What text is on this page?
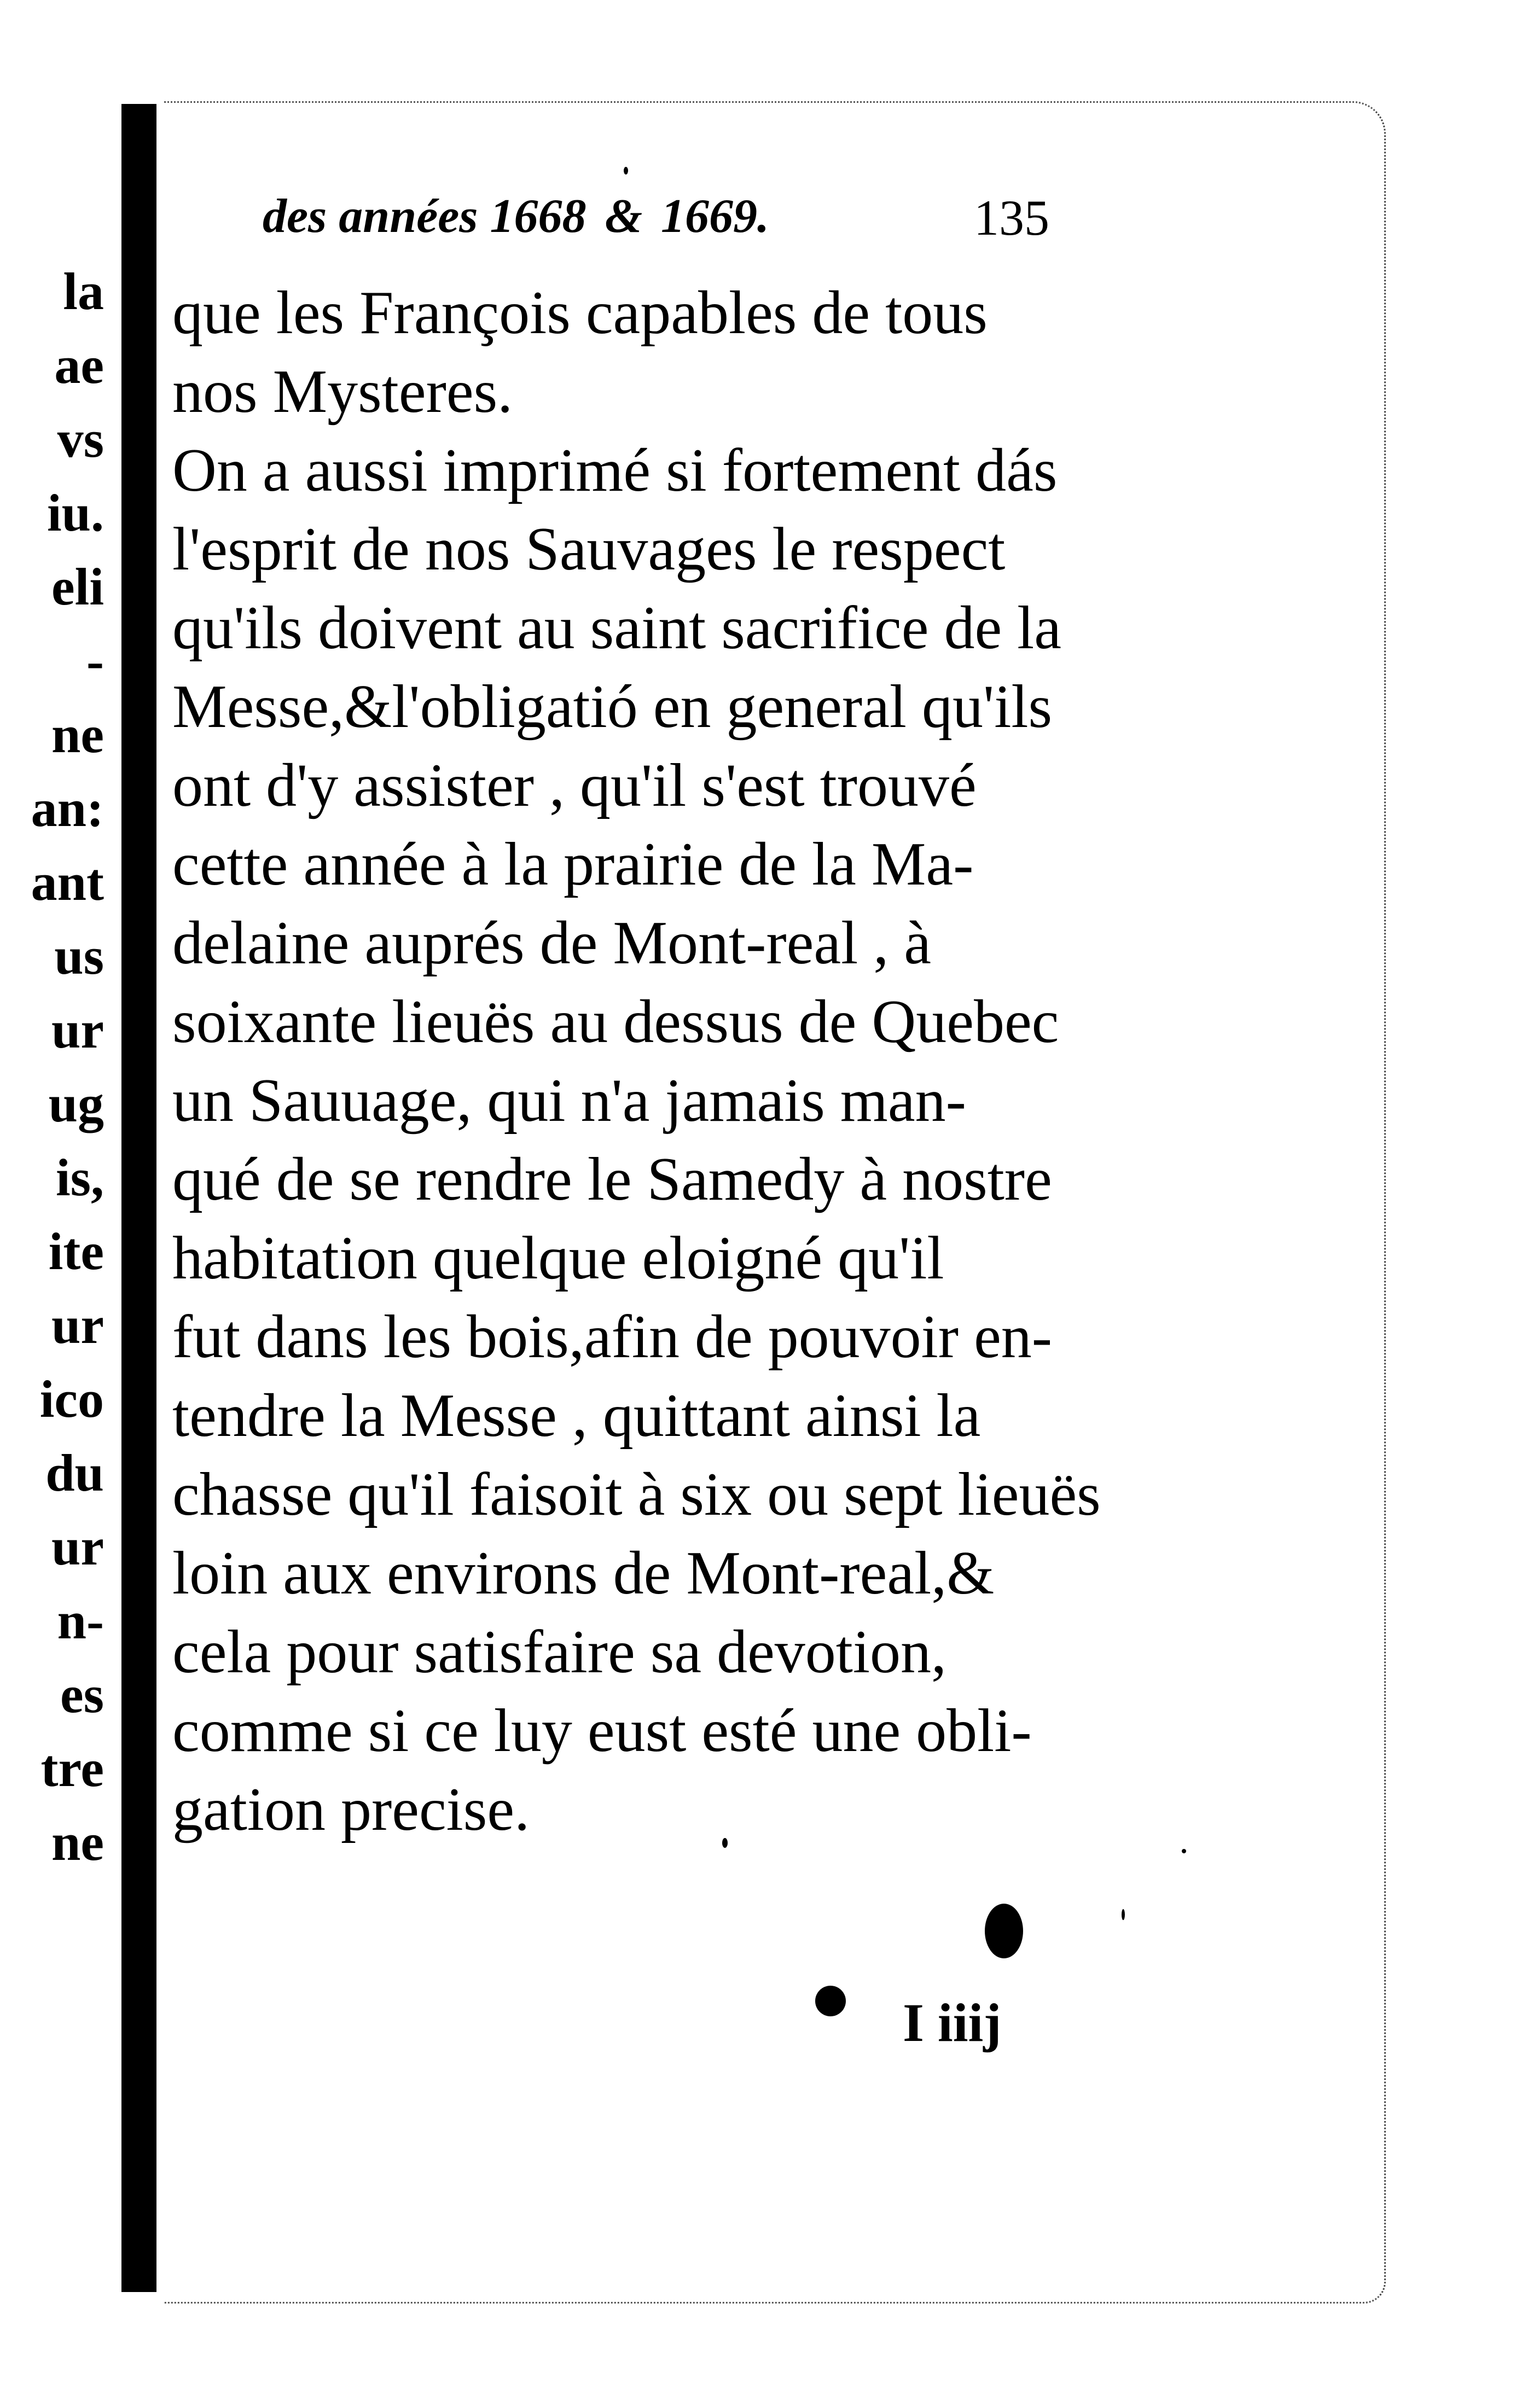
la
ae
vs
iu.
eli
-
ne
an:
ant
us
ur
ug
is,
ite
ur
ico
du
ur
n-
es
tre
ne
des années 1668 & 1669.	135
que les François capables de tous
nos Mysteres.
On a aussi imprimé si fortement dás
l'esprit de nos Sauvages le respect
qu'ils doivent au saint sacrifice de la
Messe,&l'obligatió en general qu'ils
ont d'y assister , qu'il s'est trouvé
cette année à la prairie de la Ma-
delaine auprés de Mont-real , à
soixante lieuës au dessus de Quebec
un Sauuage, qui n'a jamais man-
qué de se rendre le Samedy à nostre
habitation quelque eloigné qu'il
fut dans les bois,afin de pouvoir en-
tendre la Messe , quittant ainsi la
chasse qu'il faisoit à six ou sept lieuës
loin aux environs de Mont-real,&
cela pour satisfaire sa devotion,
comme si ce luy eust esté une obli-
gation precise.
I iiij
